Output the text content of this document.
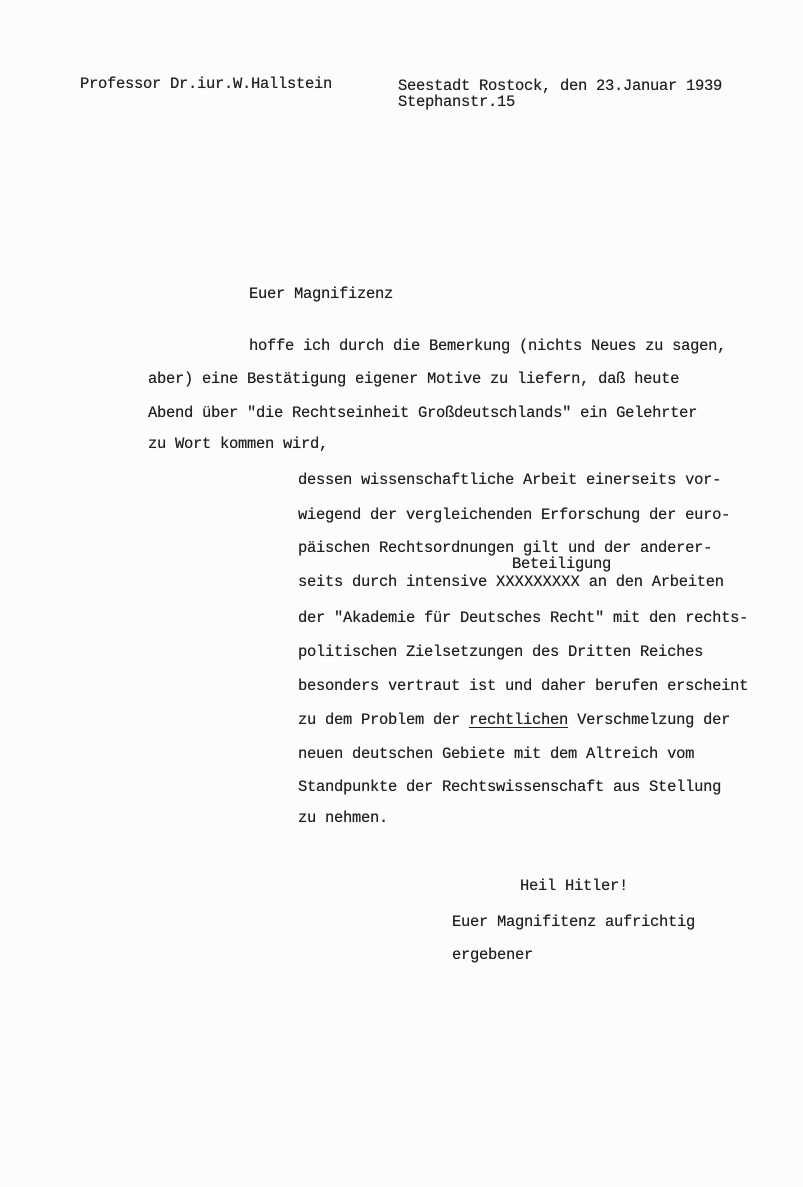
Professor Dr.iur.W.Hallstein	Seestadt Rostock, den 23.Januar 1939
Stephanstr.15
Euer Magnifizenz
hoffe ich durch die Bemerkung (nichts Neues zu sagen,
aber) eine Bestätigung eigener Motive zu liefern, daß heute
Abend über "die Rechtseinheit Großdeutschlands" ein Gelehrter
zu Wort kommen wird,
dessen wissenschaftliche Arbeit einerseits vor-
wiegend der vergleichenden Erforschung der euro-
päischen Rechtsordnungen gilt und der anderer-
Beteiligung
seits durch intensive XXXXXXXXX an den Arbeiten
der "Akademie für Deutsches Recht" mit den rechts-
politischen Zielsetzungen des Dritten Reiches
besonders vertraut ist und daher berufen erscheint
zu dem Problem der rechtlichen Verschmelzung der
neuen deutschen Gebiete mit dem Altreich vom
Standpunkte der Rechtswissenschaft aus Stellung
zu nehmen.
Heil Hitler!
Euer Magnifitenz aufrichtig
ergebener
